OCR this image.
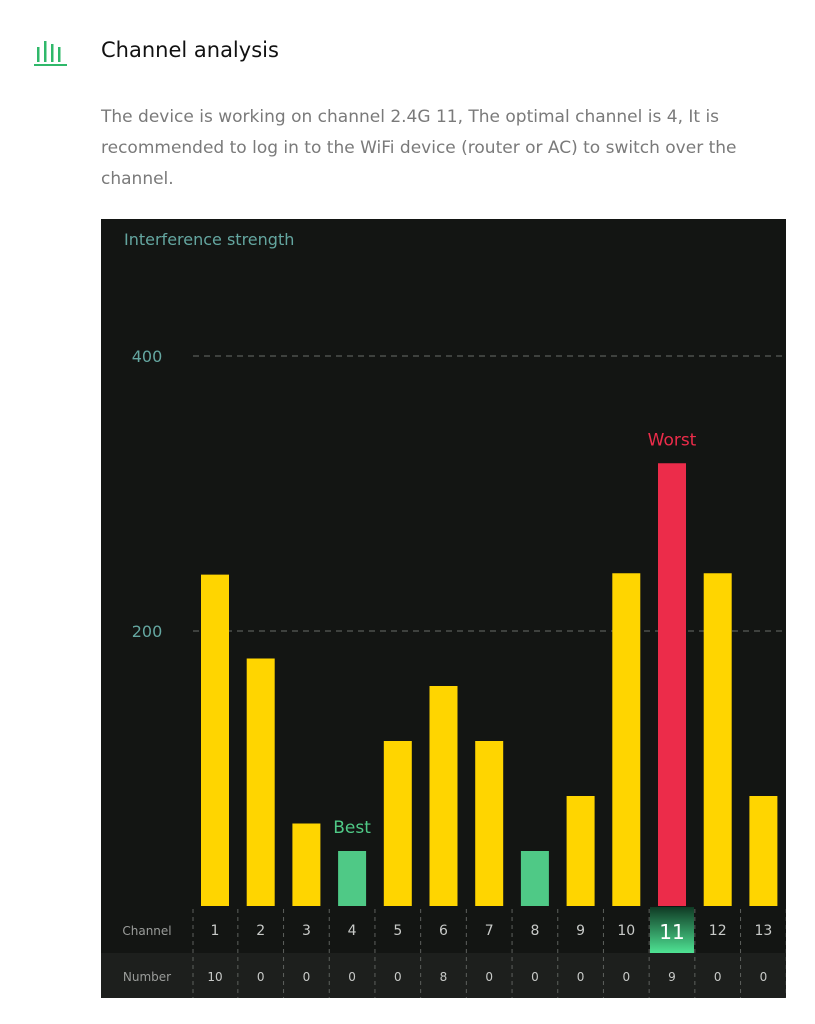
Channel analysis
The device is working on channel 2.4G 11, The optimal channel is 4, It is recommended to log in to the WiFi device (router or AC) to switch over the channel.
Interference strength
200
400
Best
Worst
Channel
Number
1
10
2
0
3
0
4
0
5
0
6
8
7
0
8
0
9
0
10
0
11
9
12
0
13
0
